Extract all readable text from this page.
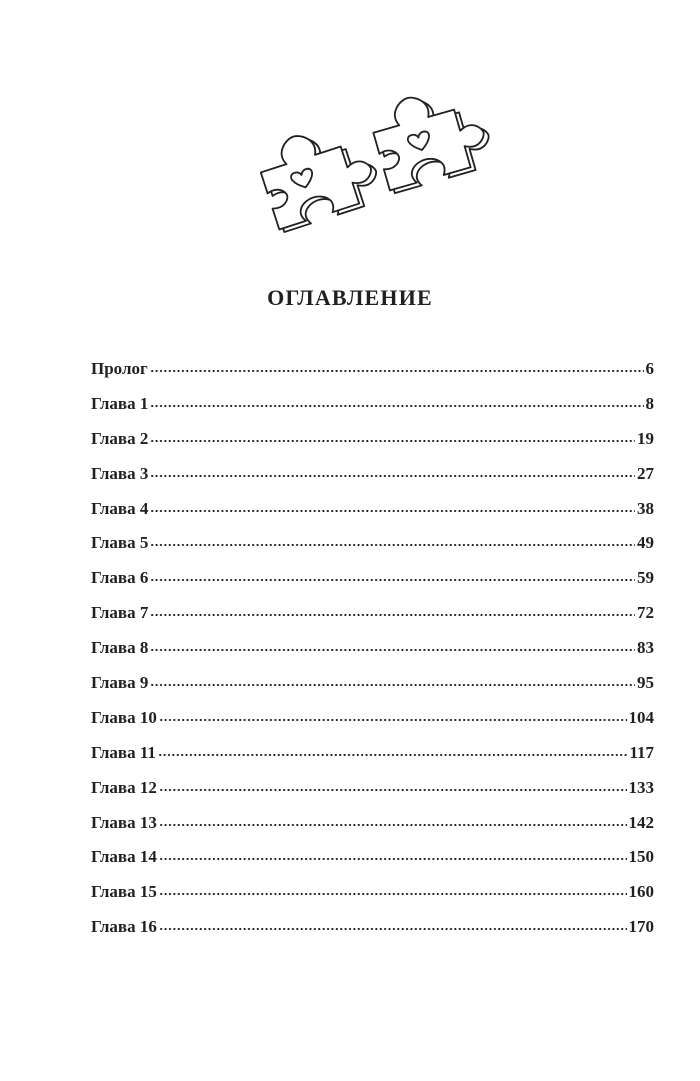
ОГЛАВЛЕНИЕ
Пролог	6
Глава 1	8
Глава 2	19
Глава 3	27
Глава 4	38
Глава 5	49
Глава 6	59
Глава 7	72
Глава 8	83
Глава 9	95
Глава 10	104
Глава 11	117
Глава 12	133
Глава 13	142
Глава 14	150
Глава 15	160
Глава 16	170
